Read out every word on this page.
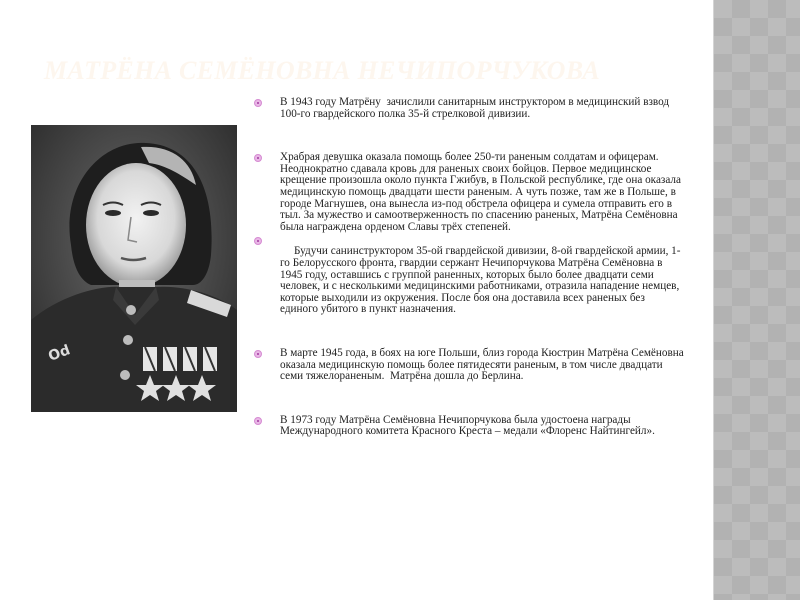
МАТРЁНА СЕМЁНОВНА НЕЧИПОРЧУКОВА
Od
В 1943 году Матрёну  зачислили санитарным инструктором в медицинский взвод  100-го гвардейского полка 35-й стрелковой дивизии.
Храбрая девушка оказала помощь более 250-ти раненым солдатам и офицерам. Неоднократно сдавала кровь для раненых своих бойцов. Первое медицинское крещение произошла около пункта Гжибув, в Польской республике, где она оказала медицинскую помощь двадцати шести раненым. А чуть позже, там же в Польше, в городе Магнушев, она вынесла из-под обстрела офицера и сумела отправить его в тыл. За мужество и самоотверженность по спасению раненых, Матрёна Семёновна была награждена орденом Славы трёх степеней.
Будучи санинструктором 35-ой гвардейской дивизии, 8-ой гвардейской армии, 1-го Белорусского фронта, гвардии сержант Нечипорчукова Матрёна Семёновна в 1945 году, оставшись с группой раненных, которых было более двадцати семи человек, и с несколькими медицинскими работниками, отразила нападение немцев, которые выходили из окружения. После боя она доставила всех раненых без единого убитого в пункт назначения.
В марте 1945 года, в боях на юге Польши, близ города Кюстрин Матрёна Семёновна оказала медицинскую помощь более пятидесяти раненым, в том числе двадцати семи тяжелораненым.  Матрёна дошла до Берлина.
В 1973 году Матрёна Семёновна Нечипорчукова была удостоена награды Международного комитета Красного Креста – медали «Флоренс Найтингейл».
